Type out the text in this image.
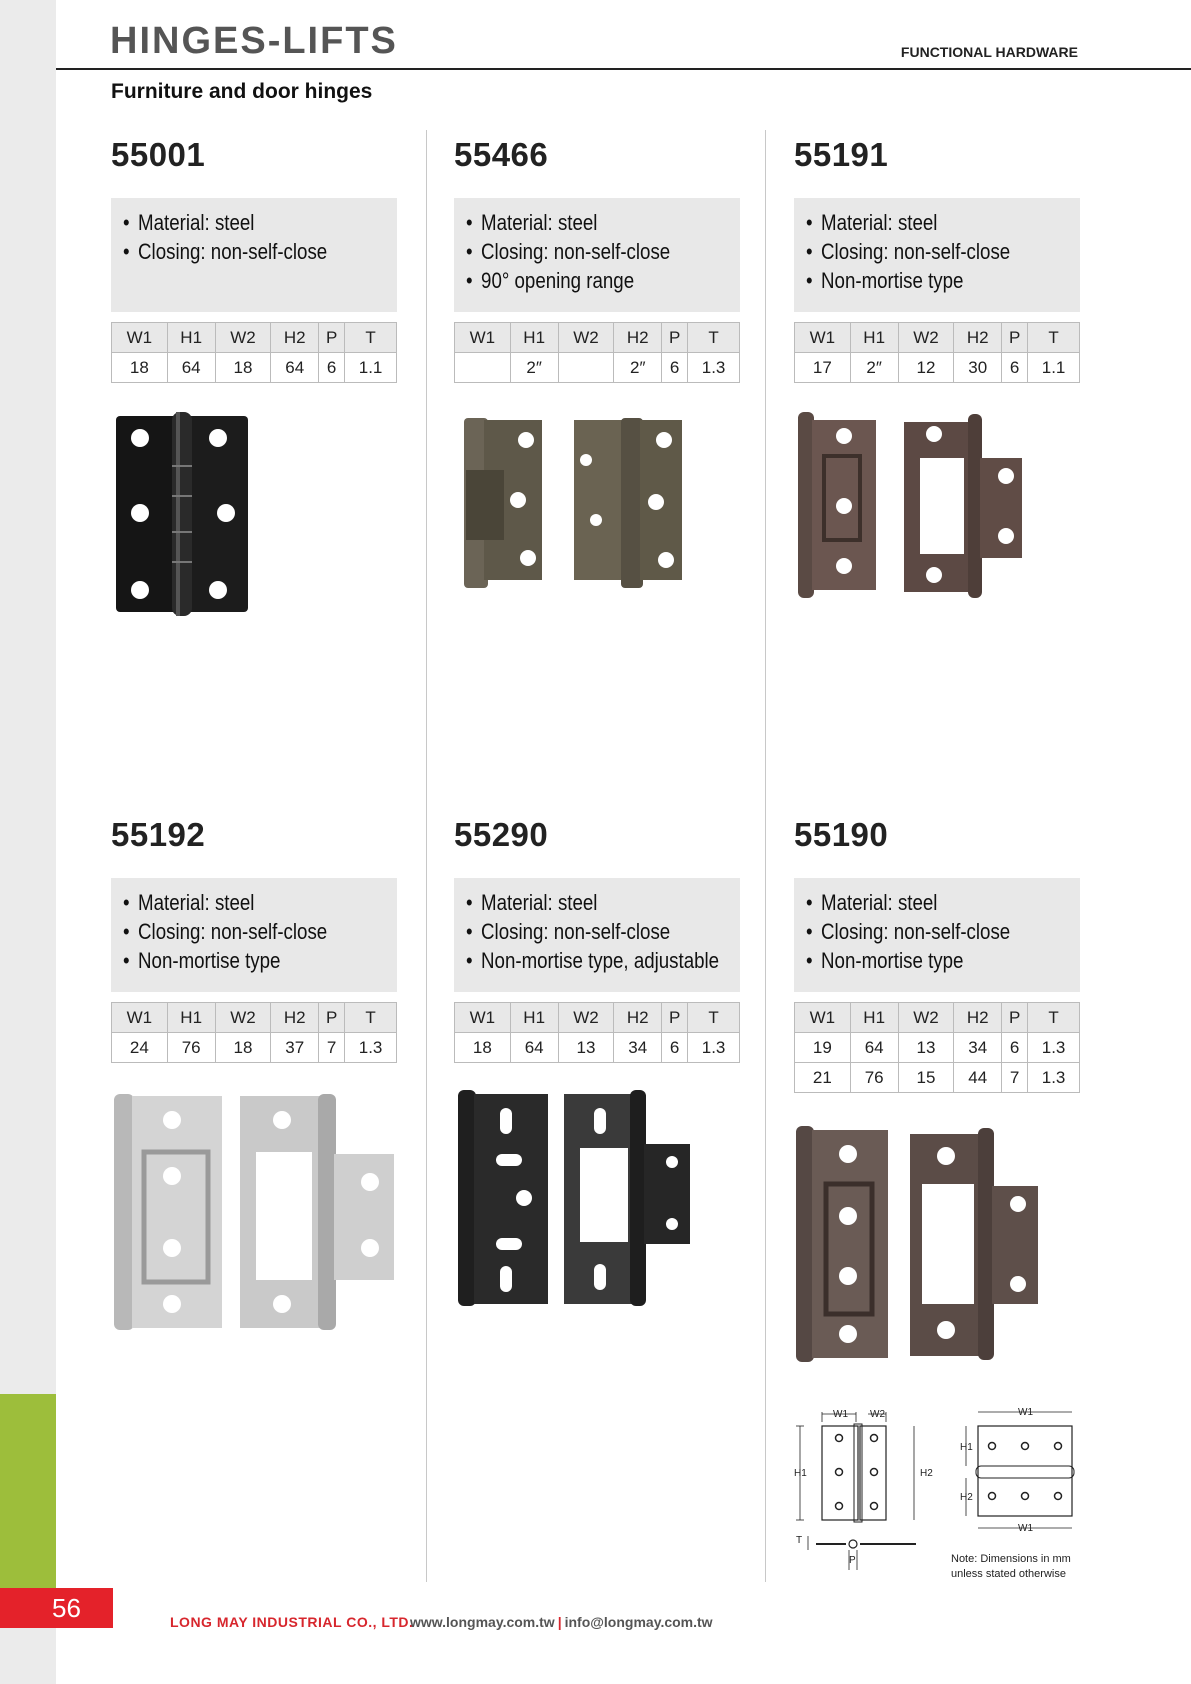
56
HINGES-LIFTS	FUNCTIONAL HARDWARE
Furniture and door hinges
55001
• Material: steel
• Closing: non-self-close
W1	H1	W2	H2	P	T
18	64	18	64	6	1.1
55466
• Material: steel
• Closing: non-self-close
• 90° opening range
W1	H1	W2	H2	P	T
	2″		2″	6	1.3
55191
• Material: steel
• Closing: non-self-close
• Non-mortise type
W1	H1	W2	H2	P	T
17	2″	12	30	6	1.1
55192
• Material: steel
• Closing: non-self-close
• Non-mortise type
W1	H1	W2	H2	P	T
24	76	18	37	7	1.3
55290
• Material: steel
• Closing: non-self-close
• Non-mortise type, adjustable
W1	H1	W2	H2	P	T
18	64	13	34	6	1.3
55190
• Material: steel
• Closing: non-self-close
• Non-mortise type
W1	H1	W2	H2	P	T
19	64	13	34	6	1.3
21	76	15	44	7	1.3
W1 W2
H1	H2
T
P
W1
H1
H2
W1
Note: Dimensions in mm
unless stated otherwise
LONG MAY INDUSTRIAL CO., LTD.
www.longmay.com.tw | info@longmay.com.tw
